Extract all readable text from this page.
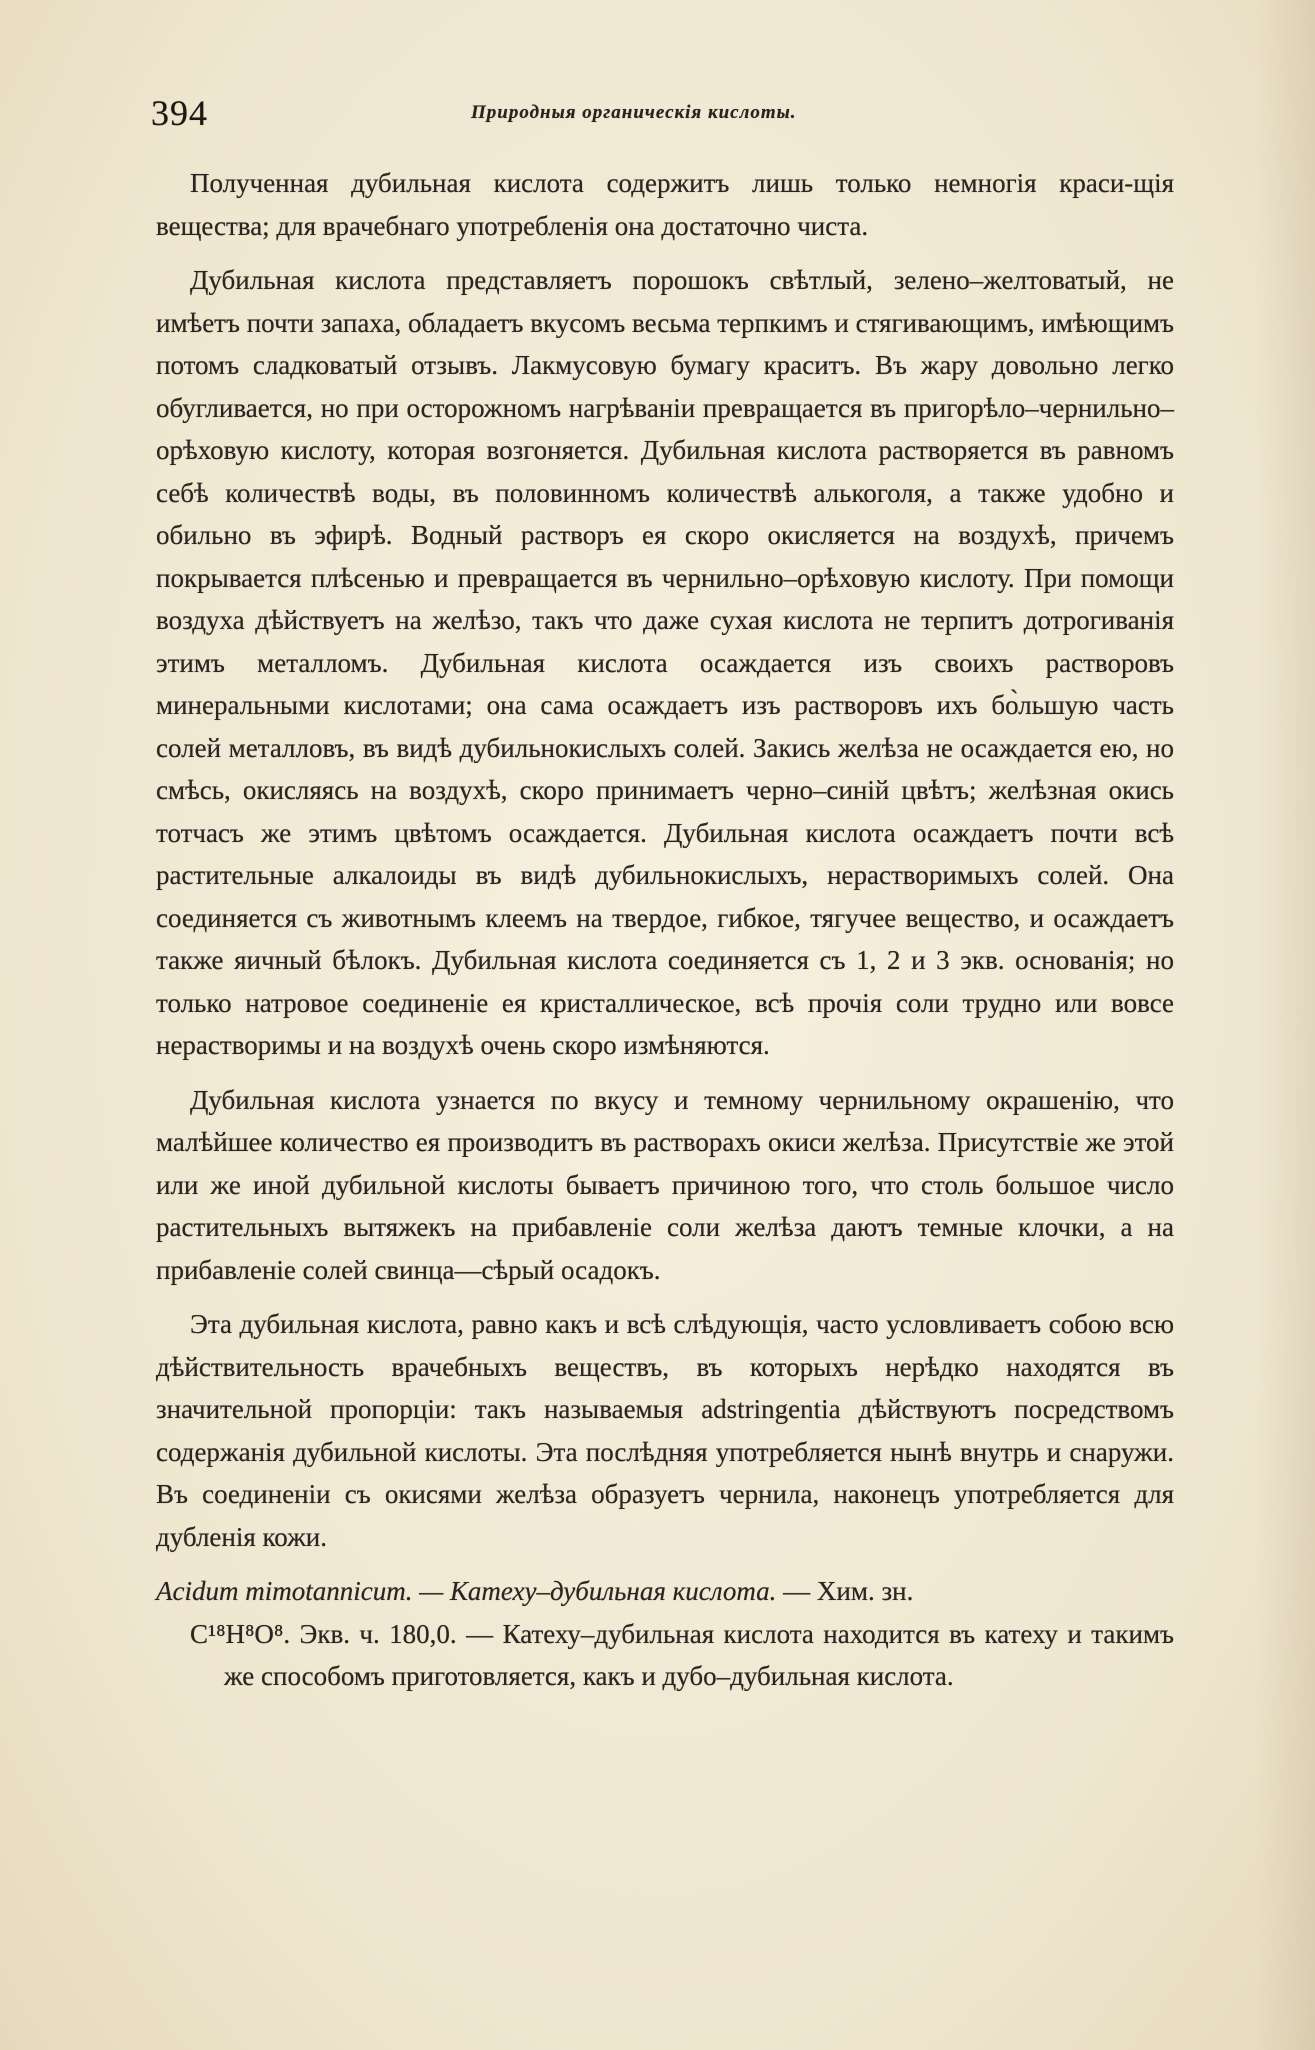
394	Природныя органическія кислоты.

Полученная дубильная кислота содержитъ лишь только немногія краси-щія вещества; для врачебнаго употребленія она достаточно чиста.

Дубильная кислота представляетъ порошокъ свѣтлый, зелено–желтоватый, не имѣетъ почти запаха, обладаетъ вкусомъ весьма терпкимъ и стягивающимъ, имѣющимъ потомъ сладковатый отзывъ. Лакмусовую бумагу краситъ. Въ жару довольно легко обугливается, но при осторожномъ нагрѣваніи превращается въ пригорѣло–чернильно–орѣховую кислоту, которая возгоняется. Дубильная кислота растворяется въ равномъ себѣ количествѣ воды, въ половинномъ количествѣ алькоголя, а также удобно и обильно въ эфирѣ. Водный растворъ ея скоро окисляется на воздухѣ, причемъ покрывается плѣсенью и превращается въ чернильно–орѣховую кислоту. При помощи воздуха дѣйствуетъ на желѣзо, такъ что даже сухая кислота не терпитъ дотрогиванія этимъ металломъ. Дубильная кислота осаждается изъ своихъ растворовъ минеральными кислотами; она сама осаждаетъ изъ растворовъ ихъ бо̀льшую часть солей металловъ, въ видѣ дубильнокислыхъ солей. Закись желѣза не осаждается ею, но смѣсь, окисляясь на воздухѣ, скоро принимаетъ черно–синій цвѣтъ; желѣзная окись тотчасъ же этимъ цвѣтомъ осаждается. Дубильная кислота осаждаетъ почти всѣ растительные алкалоиды въ видѣ дубильнокислыхъ, нерастворимыхъ солей. Она соединяется съ животнымъ клеемъ на твердое, гибкое, тягучее вещество, и осаждаетъ также яичный бѣлокъ. Дубильная кислота соединяется съ 1, 2 и 3 экв. основанія; но только натровое соединеніе ея кристаллическое, всѣ прочія соли трудно или вовсе нерастворимы и на воздухѣ очень скоро измѣняются.

Дубильная кислота узнается по вкусу и темному чернильному окрашенію, что малѣйшее количество ея производитъ въ растворахъ окиси желѣза. Присутствіе же этой или же иной дубильной кислоты бываетъ причиною того, что столь большое число растительныхъ вытяжекъ на прибавленіе соли желѣза даютъ темные клочки, а на прибавленіе солей свинца—сѣрый осадокъ.

Эта дубильная кислота, равно какъ и всѣ слѣдующія, часто условливаетъ собою всю дѣйствительность врачебныхъ веществъ, въ которыхъ нерѣдко находятся въ значительной пропорціи: такъ называемыя adstringentia дѣйствуютъ посредствомъ содержанія дубильной кислоты. Эта послѣдняя употребляется нынѣ внутрь и снаружи. Въ соединеніи съ окисями желѣза образуетъ чернила, наконецъ употребляется для дубленія кожи.

Acidum mimotannicum. — Катеху–дубильная кислота. — Хим. зн.

C¹⁸H⁸O⁸. Экв. ч. 180,0. — Катеху–дубильная кислота находится въ катеху и такимъ же способомъ приготовляется, какъ и дубо–дубильная кислота.
